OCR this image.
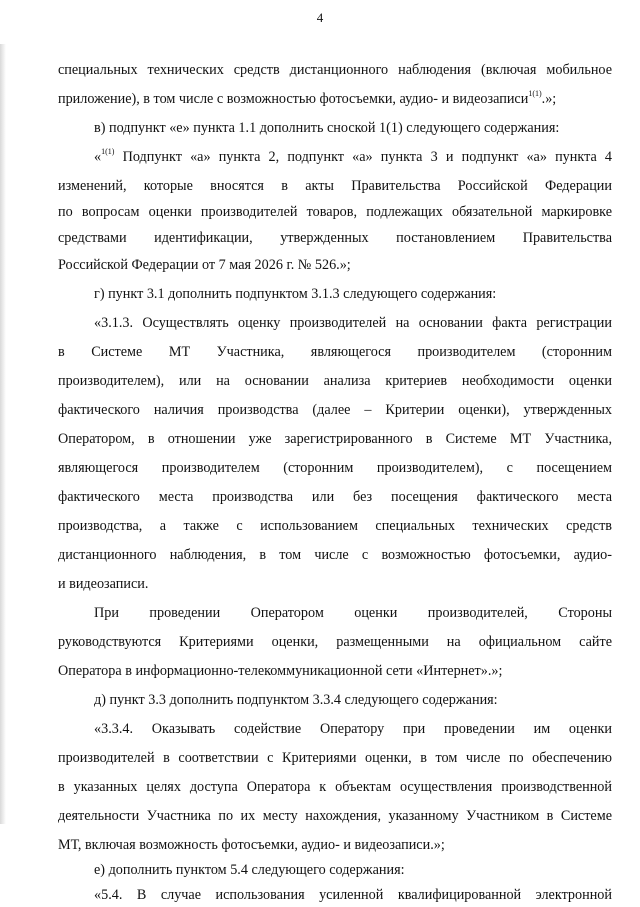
4
специальных технических средств дистанционного наблюдения (включая мобильное
приложение), в том числе с возможностью фотосъемки, аудио- и видеозаписи$^{1(1)}$.»;
в) подпункт «е» пункта 1.1 дополнить сноской 1(1) следующего содержания:
«$^{1(1)}$ Подпункт «а» пункта 2, подпункт «а» пункта 3 и подпункт «а» пункта 4
изменений, которые вносятся в акты Правительства Российской Федерации
по вопросам оценки производителей товаров, подлежащих обязательной маркировке
средствами идентификации, утвержденных постановлением Правительства
Российской Федерации от 7 мая 2026 г. № 526.»;
г) пункт 3.1 дополнить подпунктом 3.1.3 следующего содержания:
«3.1.3. Осуществлять оценку производителей на основании факта регистрации
в Системе МТ Участника, являющегося производителем (сторонним
производителем), или на основании анализа критериев необходимости оценки
фактического наличия производства (далее – Критерии оценки), утвержденных
Оператором, в отношении уже зарегистрированного в Системе МТ Участника,
являющегося производителем (сторонним производителем), с посещением
фактического места производства или без посещения фактического места
производства, а также с использованием специальных технических средств
дистанционного наблюдения, в том числе с возможностью фотосъемки, аудио-
и видеозаписи.
При проведении Оператором оценки производителей, Стороны
руководствуются Критериями оценки, размещенными на официальном сайте
Оператора в информационно-телекоммуникационной сети «Интернет».»;
д) пункт 3.3 дополнить подпунктом 3.3.4 следующего содержания:
«3.3.4. Оказывать содействие Оператору при проведении им оценки
производителей в соответствии с Критериями оценки, в том числе по обеспечению
в указанных целях доступа Оператора к объектам осуществления производственной
деятельности Участника по их месту нахождения, указанному Участником в Системе
МТ, включая возможность фотосъемки, аудио- и видеозаписи.»;
е) дополнить пунктом 5.4 следующего содержания:
«5.4. В случае использования усиленной квалифицированной электронной
